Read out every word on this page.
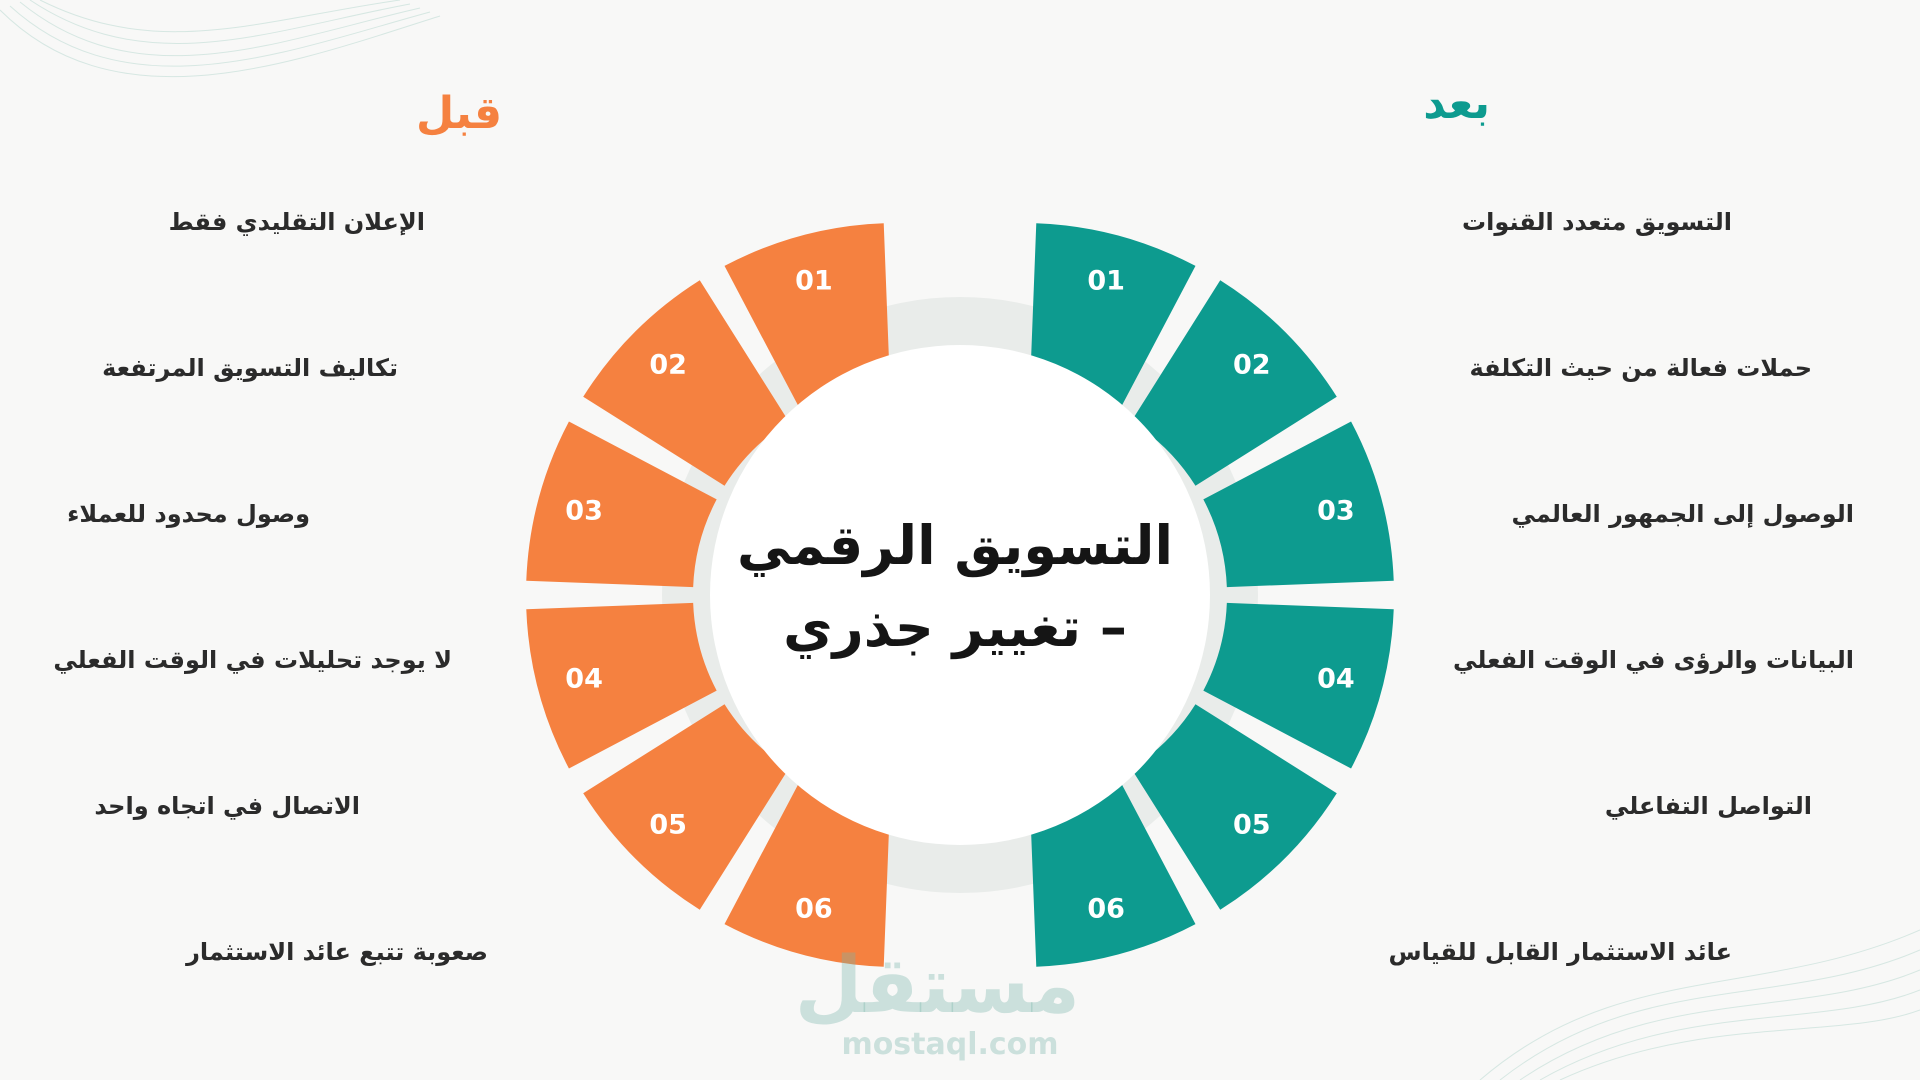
01
02
03
04
05
06
01
02
03
04
05
06
قبل	بعد

الإعلان التقليدي فقط

تكاليف التسويق المرتفعة

وصول محدود للعملاء

لا يوجد تحليلات في الوقت الفعلي

الاتصال في اتجاه واحد

صعوبة تتبع عائد الاستثمار

التسويق متعدد القنوات

حملات فعالة من حيث التكلفة

الوصول إلى الجمهور العالمي

البيانات والرؤى في الوقت الفعلي

التواصل التفاعلي

عائد الاستثمار القابل للقياس

التسويق الرقمي
– تغيير جذري
مستقل
mostaql.com
